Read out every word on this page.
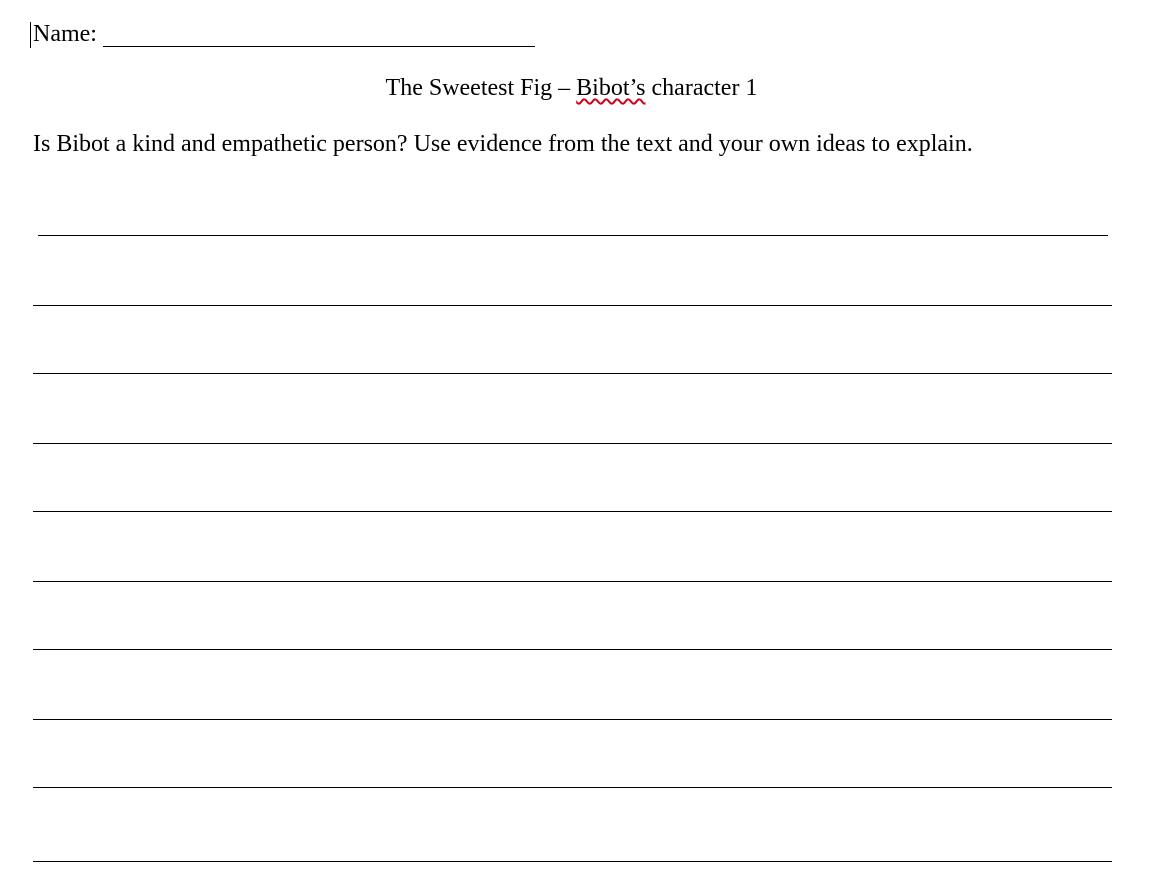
Name:
The Sweetest Fig – Bibot’s character 1
Is Bibot a kind and empathetic person? Use evidence from the text and your own ideas to explain.
